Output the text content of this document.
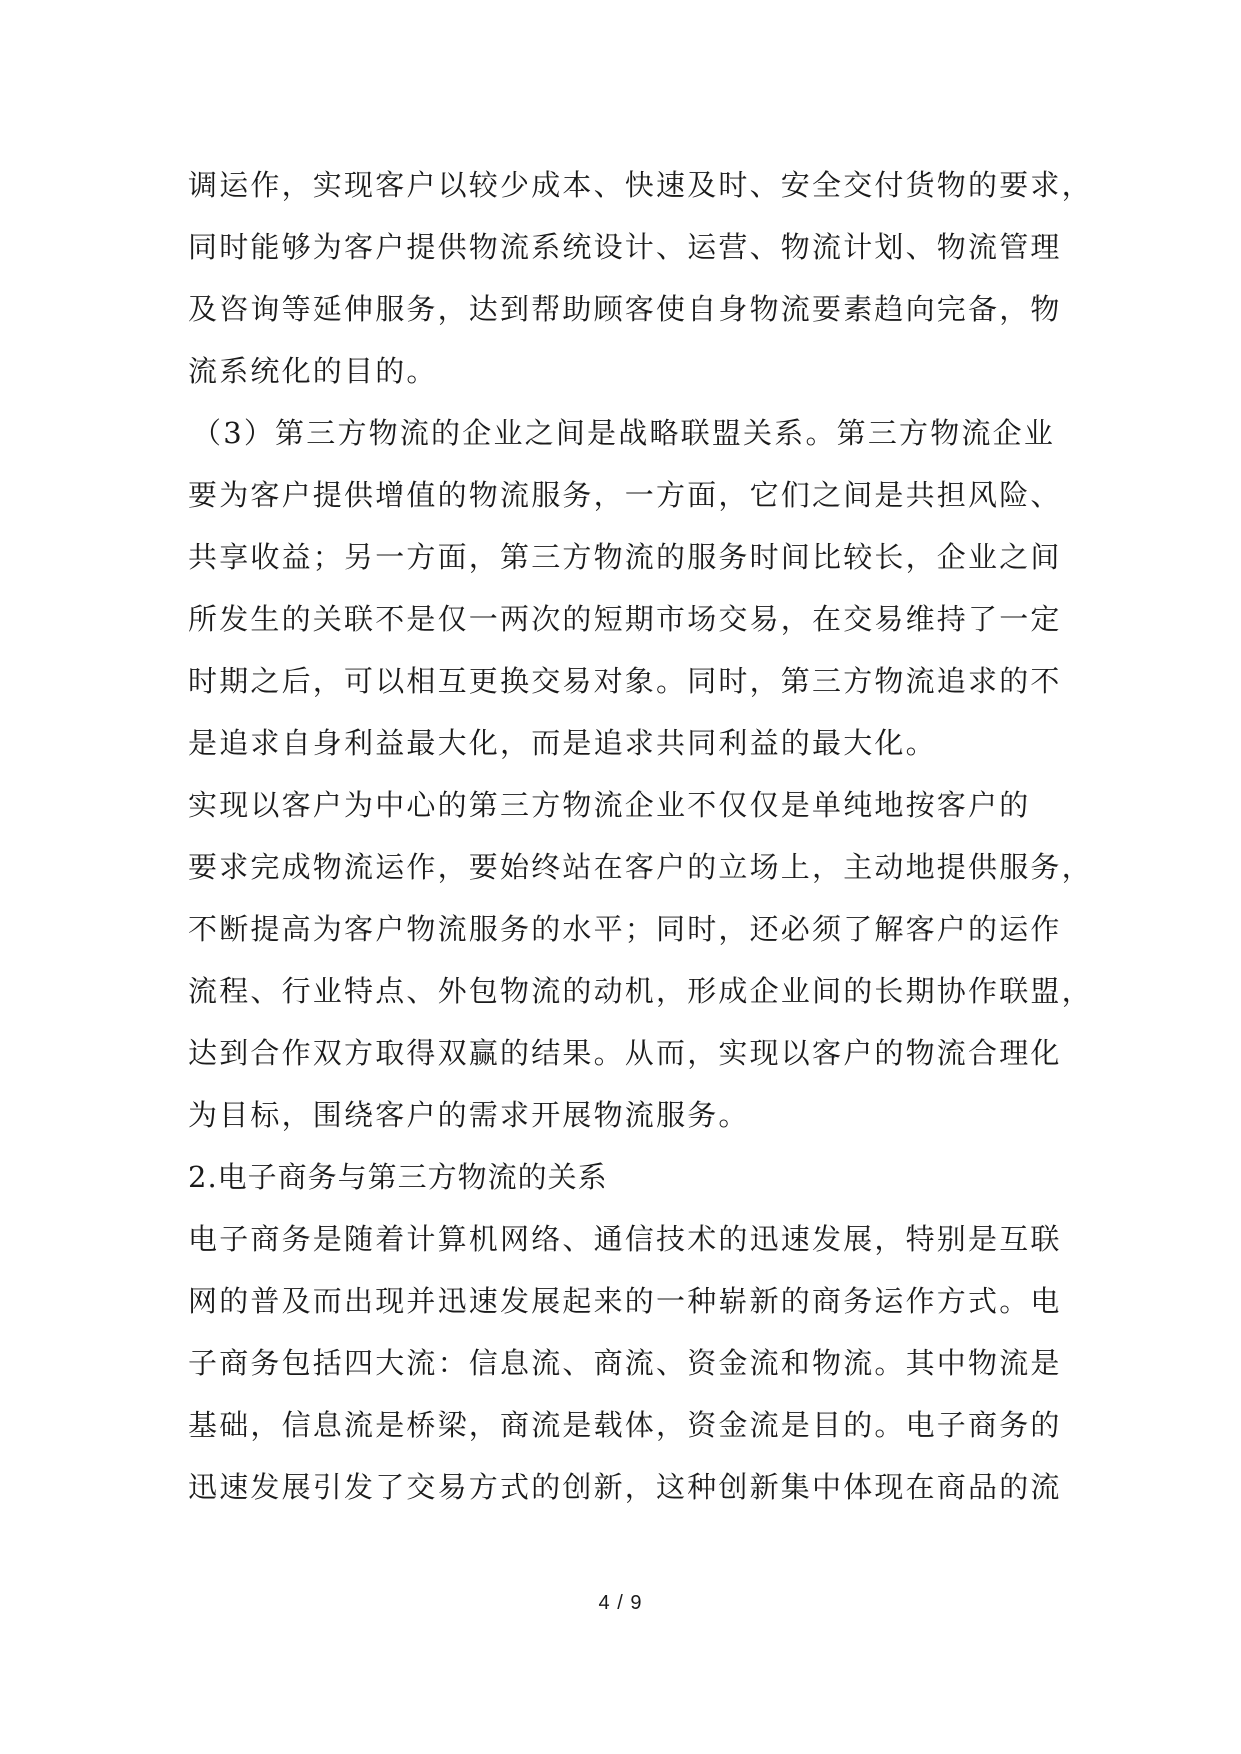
调运作，实现客户以较少成本、快速及时、安全交付货物的要求，
同时能够为客户提供物流系统设计、运营、物流计划、物流管理
及咨询等延伸服务，达到帮助顾客使自身物流要素趋向完备，物
流系统化的目的。
（3）第三方物流的企业之间是战略联盟关系。第三方物流企业
要为客户提供增值的物流服务，一方面，它们之间是共担风险、
共享收益；另一方面，第三方物流的服务时间比较长，企业之间
所发生的关联不是仅一两次的短期市场交易，在交易维持了一定
时期之后，可以相互更换交易对象。同时，第三方物流追求的不
是追求自身利益最大化，而是追求共同利益的最大化。
实现以客户为中心的第三方物流企业不仅仅是单纯地按客户的
要求完成物流运作，要始终站在客户的立场上，主动地提供服务，
不断提高为客户物流服务的水平；同时，还必须了解客户的运作
流程、行业特点、外包物流的动机，形成企业间的长期协作联盟，
达到合作双方取得双赢的结果。从而，实现以客户的物流合理化
为目标，围绕客户的需求开展物流服务。
2.电子商务与第三方物流的关系
电子商务是随着计算机网络、通信技术的迅速发展，特别是互联
网的普及而出现并迅速发展起来的一种崭新的商务运作方式。电
子商务包括四大流：信息流、商流、资金流和物流。其中物流是
基础，信息流是桥梁，商流是载体，资金流是目的。电子商务的
迅速发展引发了交易方式的创新，这种创新集中体现在商品的流
4 / 9
